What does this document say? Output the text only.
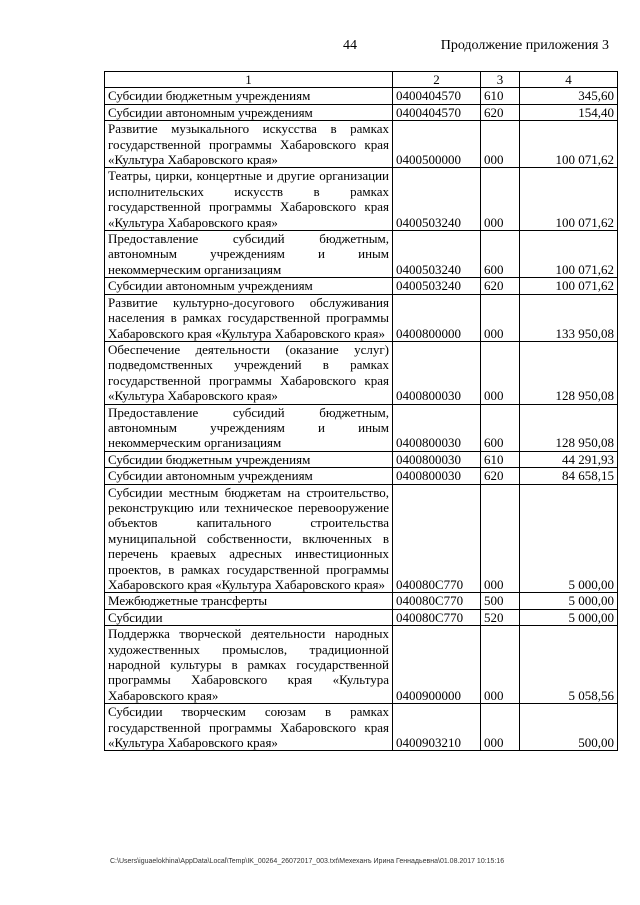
44	Продолжение приложения 3
1	2	3	4
Субсидии бюджетным учреждениям	0400404570	610	345,60
Субсидии автономным учреждениям	0400404570	620	154,40
Развитие музыкального искусства в рамках государственной программы Хабаровского края «Культура Хабаровского края»	0400500000	000	100 071,62
Театры, цирки, концертные и другие организации исполнительских искусств в рамках государственной программы Хабаровского края «Культура Хабаровского края»	0400503240	000	100 071,62
Предоставление субсидий бюджетным, автономным учреждениям и иным некоммерческим организациям	0400503240	600	100 071,62
Субсидии автономным учреждениям	0400503240	620	100 071,62
Развитие культурно-досугового обслуживания населения в рамках государственной программы Хабаровского края «Культура Хабаровского края»	0400800000	000	133 950,08
Обеспечение деятельности (оказание услуг) подведомственных учреждений в рамках государственной программы Хабаровского края «Культура Хабаровского края»	0400800030	000	128 950,08
Предоставление субсидий бюджетным, автономным учреждениям и иным некоммерческим организациям	0400800030	600	128 950,08
Субсидии бюджетным учреждениям	0400800030	610	44 291,93
Субсидии автономным учреждениям	0400800030	620	84 658,15
Субсидии местным бюджетам на строительство, реконструкцию или техническое перевооружение объектов капитального строительства муниципальной собственности, включенных в перечень краевых адресных инвестиционных проектов, в рамках государственной программы Хабаровского края «Культура Хабаровского края»	040080С770	000	5 000,00
Межбюджетные трансферты	040080С770	500	5 000,00
Субсидии	040080С770	520	5 000,00
Поддержка творческой деятельности народных художественных промыслов, традиционной народной культуры в рамках государственной программы Хабаровского края «Культура Хабаровского края»	0400900000	000	5 058,56
Субсидии творческим союзам в рамках государственной программы Хабаровского края «Культура Хабаровского края»	0400903210	000	500,00
C:\Users\iguaelokhina\AppData\Local\Temp\IK_00264_26072017_003.txt\Мехеханъ Ирина Геннадьевна\01.08.2017 10:15:16
